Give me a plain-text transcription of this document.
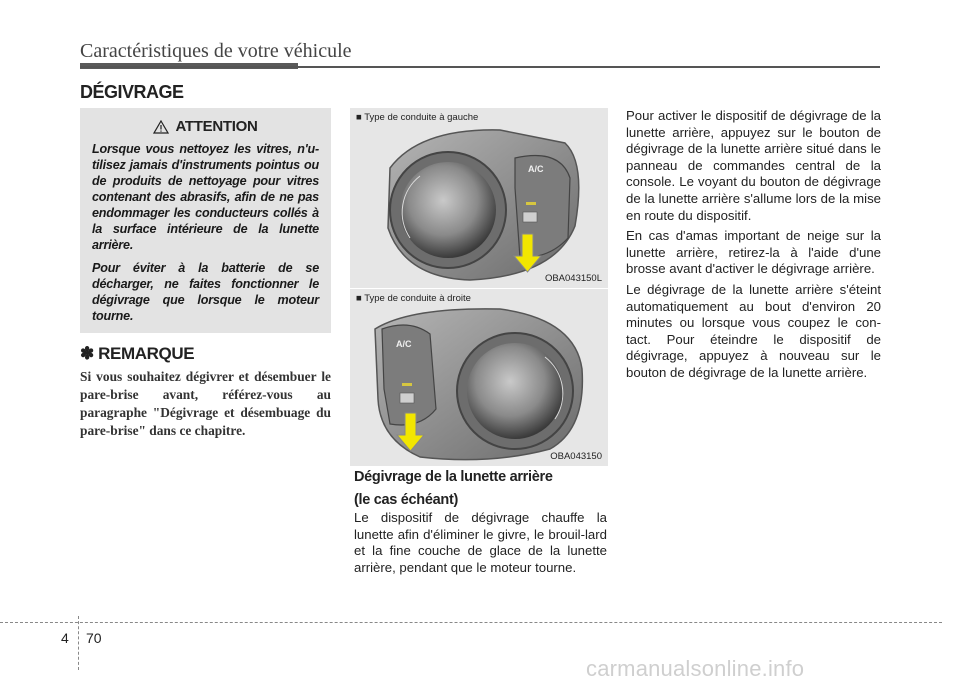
Caractéristiques de votre véhicule
DÉGIVRAGE
ATTENTION

Lorsque vous nettoyez les vitres, n'u-tilisez jamais d'instruments pointus ou de produits de nettoyage pour vitres contenant des abrasifs, afin de ne pas endommager les conducteurs collés à la surface intérieure de la lunette arrière.

Pour éviter à la batterie de se décharger, ne faites fonctionner le dégivrage que lorsque le moteur tourne.

✽ REMARQUE
Si vous souhaitez dégivrer et désembuer le pare-brise avant, référez-vous au paragraphe "Dégivrage et désembuage du pare-brise" dans ce chapitre.
A/C
■ Type de conduite à gauche
OBA043150L
A/C
■ Type de conduite à droite
OBA043150
Dégivrage de la lunette arrière
(le cas échéant)
Le dispositif de dégivrage chauffe la lunette afin d'éliminer le givre, le brouil-lard et la fine couche de glace de la lunette arrière, pendant que le moteur tourne.

Pour activer le dispositif de dégivrage de la lunette arrière, appuyez sur le bouton de dégivrage de la lunette arrière situé dans le panneau de commandes central de la console. Le voyant du bouton de dégivrage de la lunette arrière s'allume lors de la mise en route du dispositif.

En cas d'amas important de neige sur la lunette arrière, retirez-la à l'aide d'une brosse avant d'activer le dégivrage arrière.

Le dégivrage de la lunette arrière s'éteint automatiquement au bout d'environ 20 minutes ou lorsque vous coupez le con-tact. Pour éteindre le dispositif de dégivrage, appuyez à nouveau sur le bouton de dégivrage de la lunette arrière.

4 70
carmanualsonline.info
